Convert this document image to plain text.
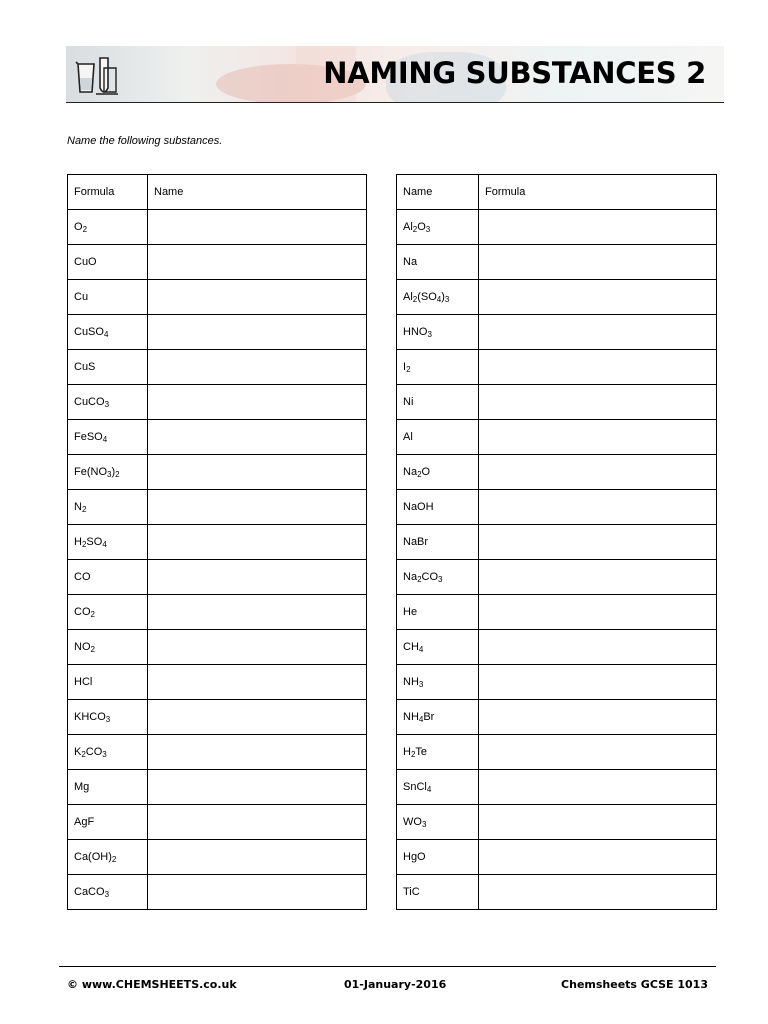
NAMING SUBSTANCES 2
Name the following substances.
Formula	Name
$O_2$	
CuO	
Cu	
CuSO$_4$	
CuS	
CuCO$_3$	
FeSO$_4$	
$Fe(NO_3)_2$	
$N_2$	
$H_2SO_4$	
CO	
$CO_2$	
$NO_2$	
HCl	
$KHCO_3$	
$K_2CO_3$	
Mg	
AgF	
$Ca(OH)_2$	
CaCO$_3$	
Name	Formula
$Al_2O_3$	
Na	
$Al_2(SO_4)_3$	
$HNO_3$	
$I_2$	
Ni	
Al	
$Na_2O$	
NaOH	
NaBr	
$Na_2CO_3$	
He	
$CH_4$	
$NH_3$	
$NH_4Br$	
$H_2Te$	
SnCl$_4$	
$WO_3$	
HgO	
TiC	
© www.CHEMSHEETS.co.uk	01-January-2016	Chemsheets GCSE 1013
